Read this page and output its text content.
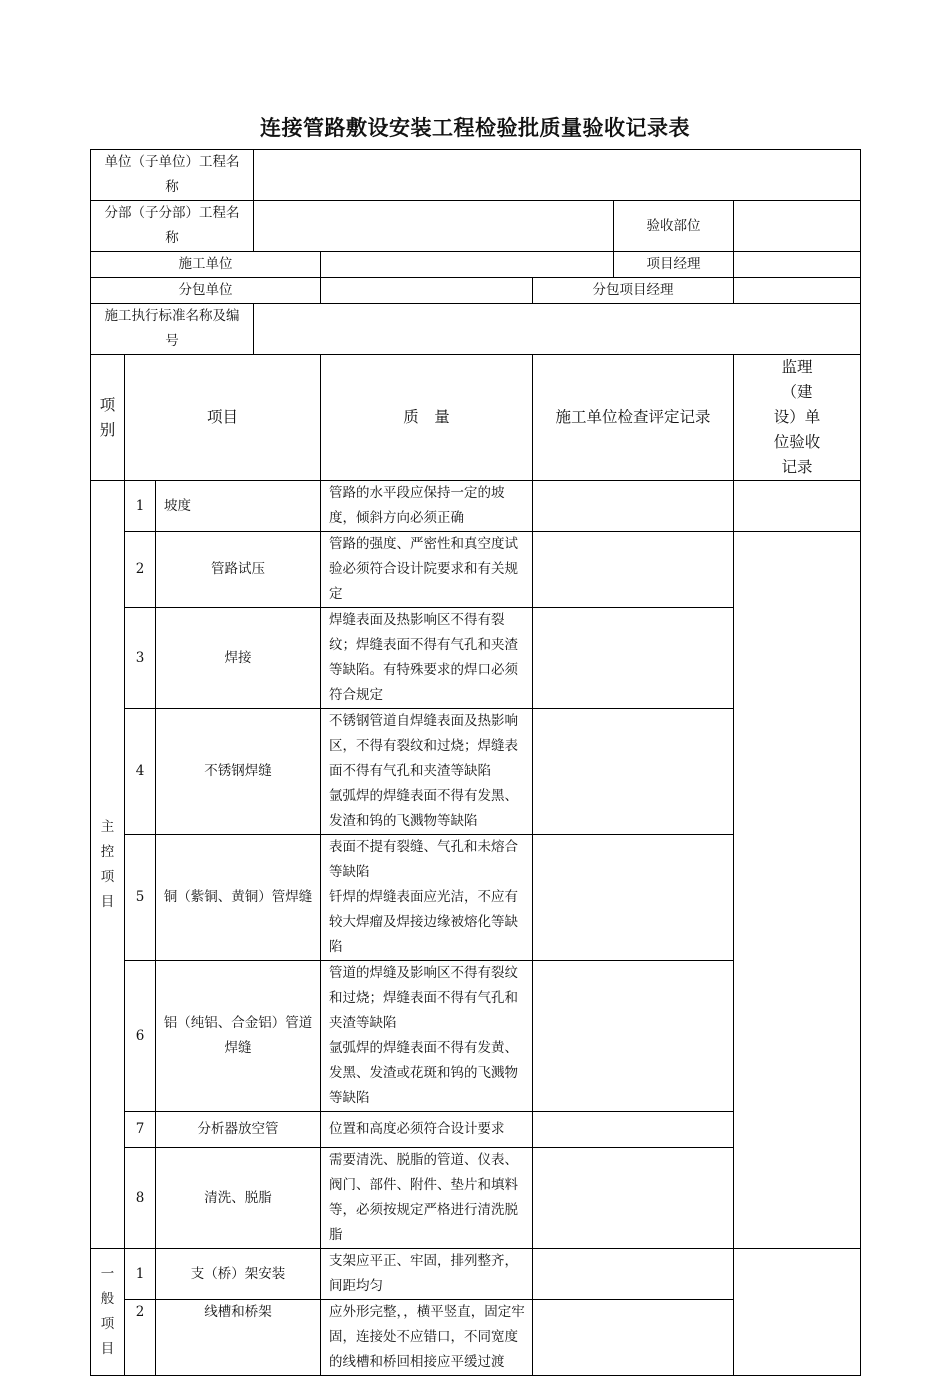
连接管路敷设安装工程检验批质量验收记录表
单位（子单位）工程名
称							

分部（子分部）工程名
称						验收部位	
施工单位						项目经理	
分包单位					分包项目经理		

施工执行标准名称及编
号							

项
别	项目			质　量	施工单位检查评定记录		监理
（建
设）单
位验收
记录

主
控
项
目	1	坡度		管路的水平段应保持一定的坡度，倾斜方向必须正确			
	2	管路试压		管路的强度、严密性和真空度试验必须符合设计院要求和有关规定			
	3	焊接		焊缝表面及热影响区不得有裂纹；焊缝表面不得有气孔和夹渣等缺陷。有特殊要求的焊口必须符合规定			
	4	不锈钢焊缝		不锈钢管道自焊缝表面及热影响区，不得有裂纹和过烧；焊缝表面不得有气孔和夹渣等缺陷
氩弧焊的焊缝表面不得有发黑、发渣和钨的飞溅物等缺陷			

	5	铜（紫铜、黄铜）管焊缝		表面不提有裂缝、气孔和未熔合等缺陷
钎焊的焊缝表面应光洁，不应有较大焊瘤及焊接边缘被熔化等缺陷			

	6	铝（纯铝、合金铝）管道焊缝		管道的焊缝及影响区不得有裂纹和过烧；焊缝表面不得有气孔和夹渣等缺陷
氩弧焊的焊缝表面不得有发黄、发黑、发渣或花斑和钨的飞溅物等缺陷			

	7	分析器放空管		位置和高度必须符合设计要求			
	8	清洗、脱脂		需要清洗、脱脂的管道、仪表、阀门、部件、附件、垫片和填料等，必须按规定严格进行清洗脱脂			

一
般
项
目	1	支（桥）架安装		支架应平正、牢固，排列整齐，间距均匀			
	2	线槽和桥架		应外形完整，，横平竖直，固定牢固，连接处不应错口，不同宽度的线槽和桥回相接应平缓过渡			
